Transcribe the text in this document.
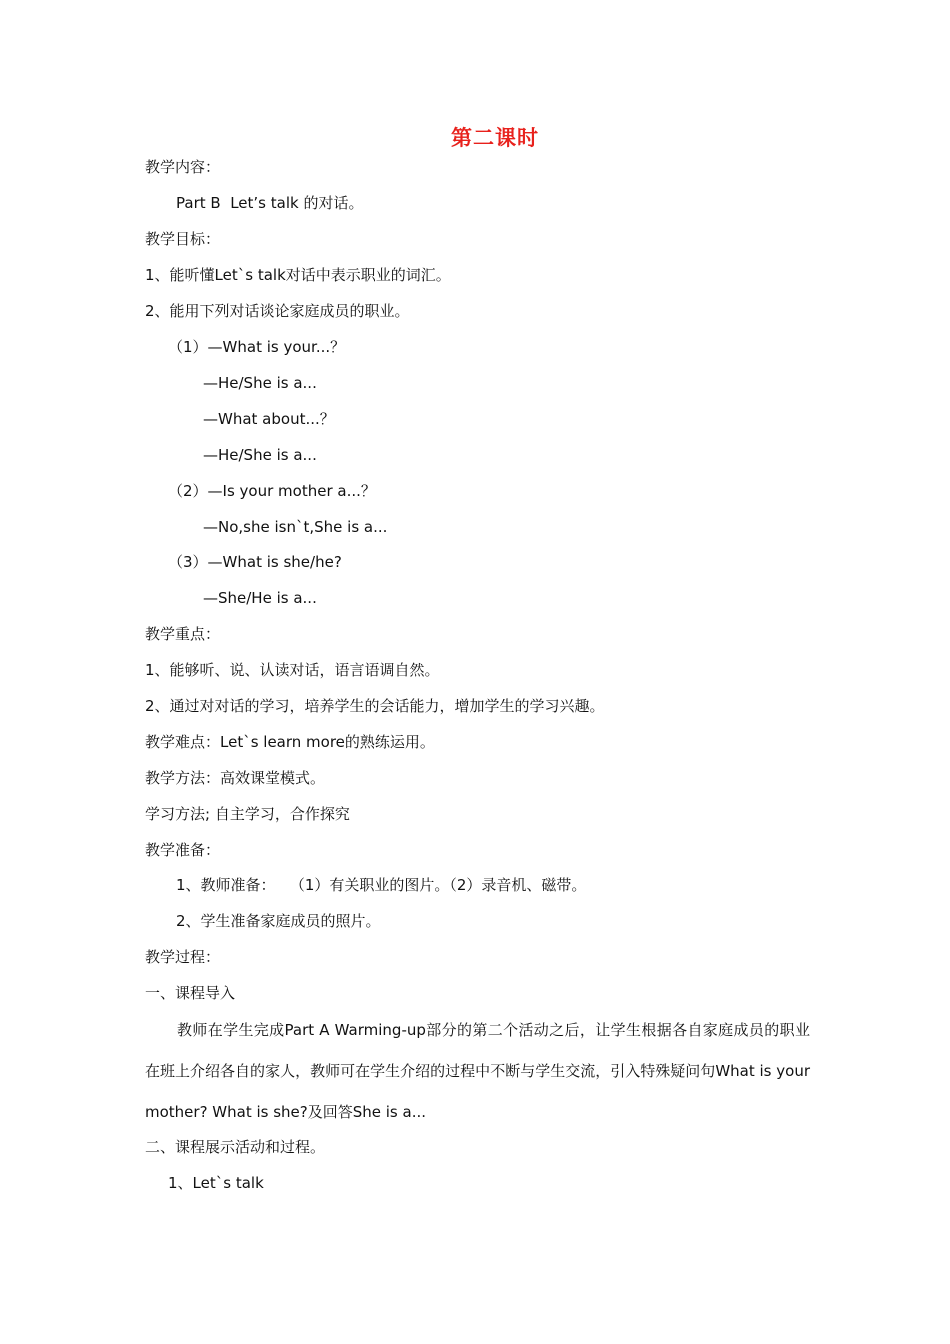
第二课时
教学内容：
Part B  Let’s talk 的对话。
教学目标：
1、能听懂Let`s talk对话中表示职业的词汇。
2、能用下列对话谈论家庭成员的职业。
（1）—What is your...？
—He/She is a...
—What about...？
—He/She is a...
（2）—Is your mother a...？
—No,she isn`t,She is a...
（3）—What is she/he?
—She/He is a...
教学重点：
1、能够听、说、认读对话，语言语调自然。
2、通过对对话的学习，培养学生的会话能力，增加学生的学习兴趣。
教学难点：Let`s learn more的熟练运用。
教学方法：高效课堂模式。
学习方法; 自主学习，合作探究
教学准备：
1、教师准备：   （1）有关职业的图片。（2）录音机、磁带。
2、学生准备家庭成员的照片。
教学过程：
一、课程导入
教师在学生完成Part A Warming-up部分的第二个活动之后，让学生根据各自家庭成员的职业在班上介绍各自的家人，教师可在学生介绍的过程中不断与学生交流，引入特殊疑问句What is your mother? What is she?及回答She is a...
二、课程展示活动和过程。
1、Let`s talk
